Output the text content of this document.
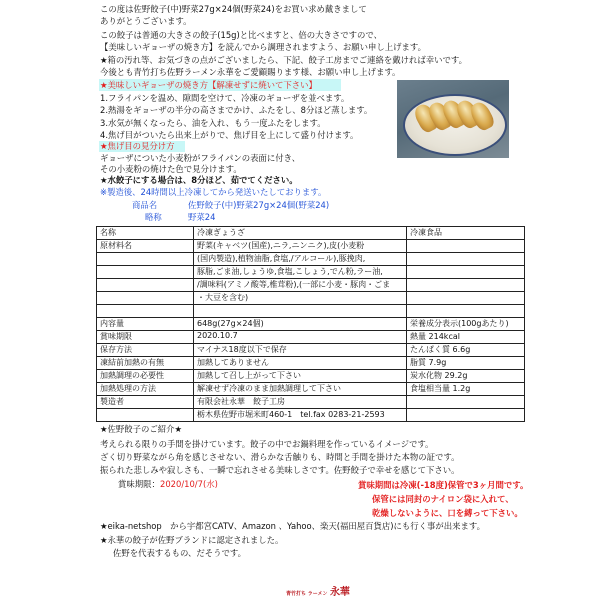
この度は佐野餃子(中)野菜27g×24個(野菜24)をお買い求め戴きまして
ありがとうございます。
この餃子は普通の大きさの餃子(15g)と比べますと、倍の大きさですので、
【美味しいギョーザの焼き方】を読んでから調理されますよう、お願い申し上げます。
★箱の汚れ等、お気づきの点がございましたら、下記、餃子工房までご連絡を戴ければ幸いです。
今後とも青竹打ち佐野ラーメン永華をご愛顧賜ります様、お願い申し上げます。
★美味しいギョーザの焼き方【解凍せずに焼いて下さい】
1.フライパンを温め、隙間を空けて、冷凍のギョーザを並べます。
2.熱湯をギョーザの半分の高さまでかけ、ふたをし、8分ほど蒸します。
3.水気が無くなったら、油を入れ、もう一度ふたをします。
4.焦げ目がついたら出来上がりで、焦げ目を上にして盛り付けます。
★焦げ目の見分け方
ギョーザについた小麦粉がフライパンの表面に付き、
その小麦粉の焼けた色で見分けます。
★水餃子にする場合は、8分ほど、茹でてください。
※製造後、24時間以上冷凍してから発送いたしております。
商品名	佐野餃子(中)野菜27g×24個(野菜24)
略称	野菜24
名称	冷凍ぎょうざ	冷凍食品
原材料名	野菜(キャベツ(国産),ニラ,ニンニク),皮(小麦粉	
	(国内製造),植物油脂,食塩,/アルコール),豚挽肉,	
	豚脂,ごま油,しょうゆ,食塩,こしょう,でん粉,ラー油,	
	/調味料(アミノ酸等,椎茸粉),(一部に小麦・豚肉・ごま	
	・大豆を含む)	

内容量	648g(27g×24個)	栄養成分表示(100gあたり)
賞味期限	2020.10.7	熱量 214kcal
保存方法	マイナス18度以下で保存	たんぱく質 6.6g
凍結前加熱の有無	加熱してありません	脂質 7.9g
加熱調理の必要性	加熱して召し上がって下さい	炭水化物 29.2g
加熱処理の方法	解凍せず冷凍のまま加熱調理して下さい	食塩相当量 1.2g
製造者	有限会社永華　餃子工房	
	栃木県佐野市堀米町460-1　tel.fax 0283-21-2593	
★佐野餃子のご紹介★
考えられる限りの手間を掛けています。餃子の中でお鍋料理を作っているイメージです。
ざく切り野菜ながら角を感じさせない、滑らかな舌触りも、時間と手間を掛けた本物の証です。
振られた悲しみや寂しさも、一瞬で忘れさせる美味しさです。佐野餃子で幸せを感じて下さい。
賞味期限： 2020/10/7(水)	賞味期間は冷凍(-18度)保管で3ヶ月間です。
保管には同封のナイロン袋に入れて、
乾燥しないように、口を縛って下さい。
★eika-netshop　から宇都宮CATV、Amazon 、Yahoo、楽天(福田屋百貨店)にも行く事が出来ます。
★永華の餃子が佐野ブランドに認定されました。
佐野を代表するもの、だそうです。
青竹打ち ラーメン 永華
